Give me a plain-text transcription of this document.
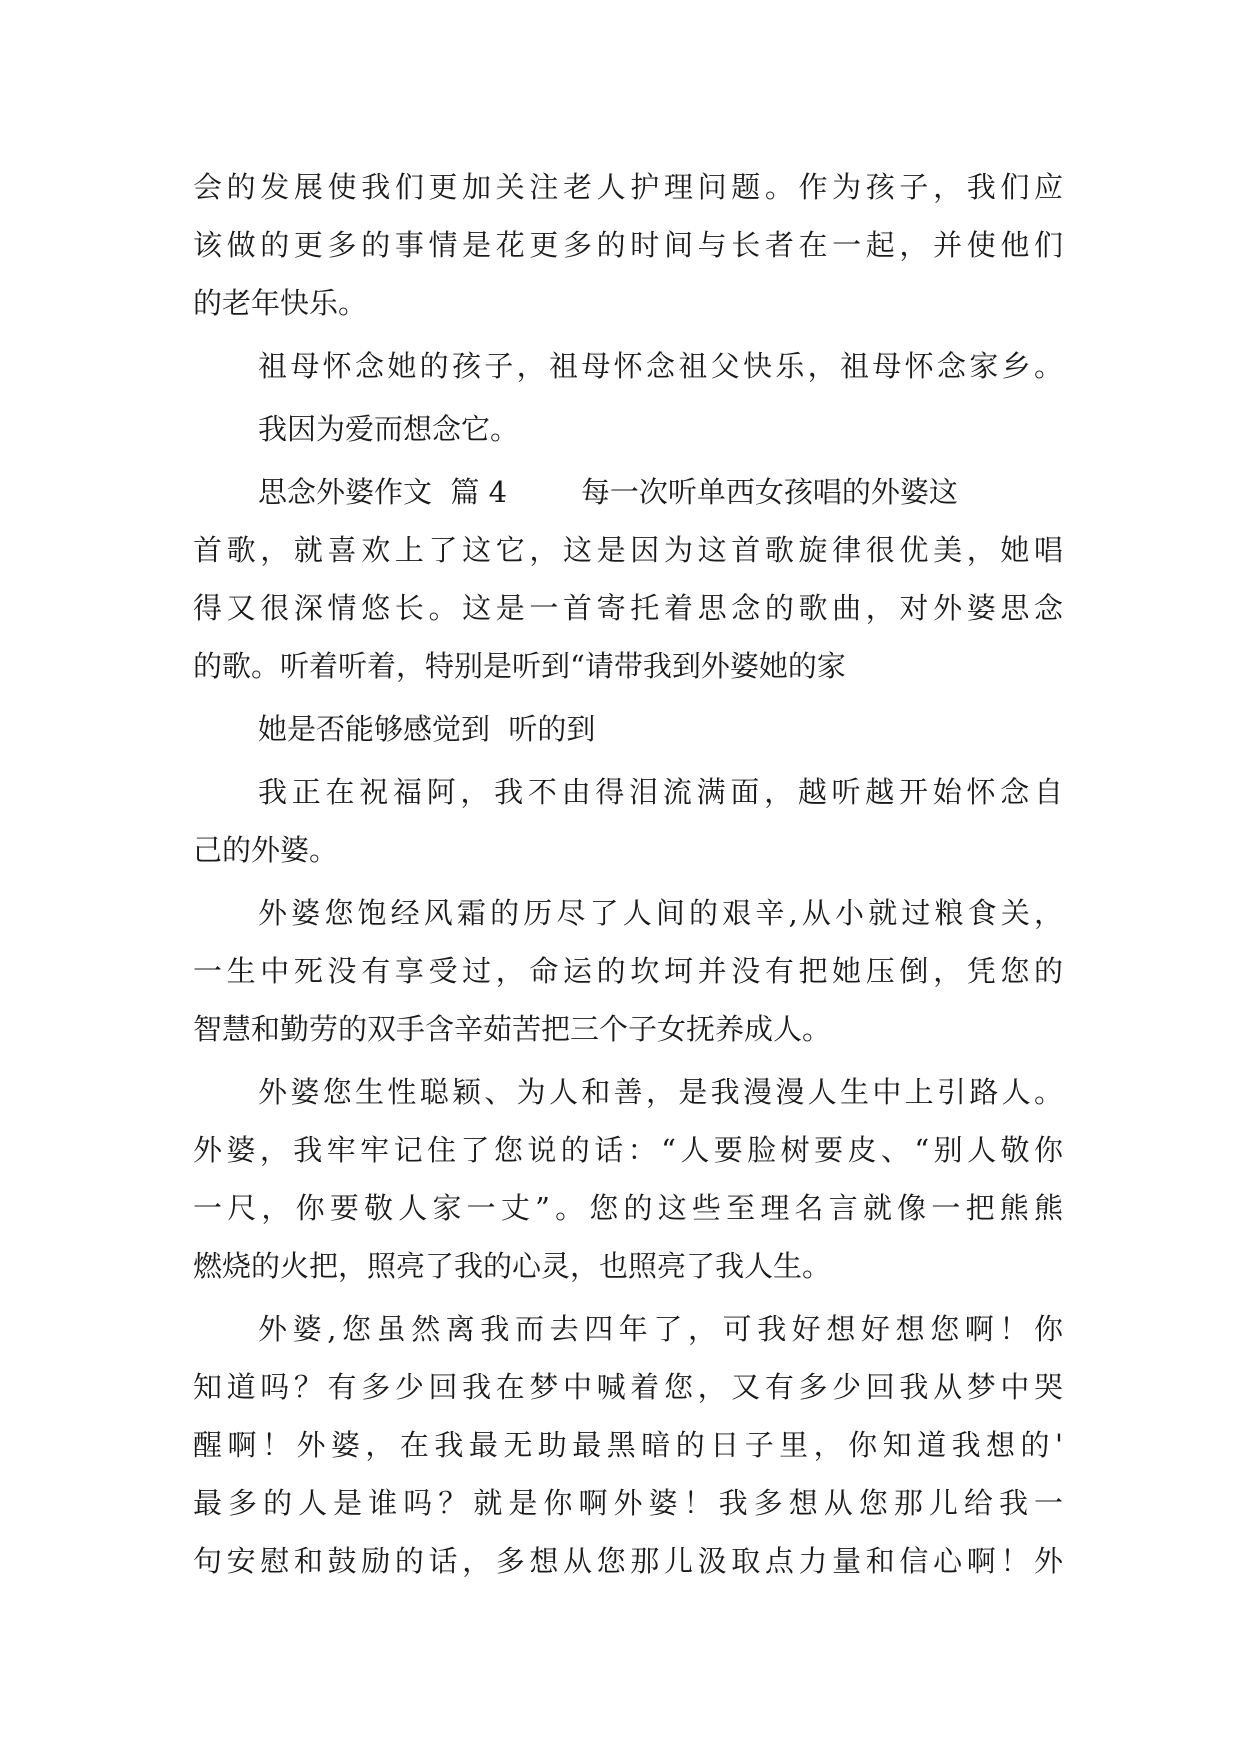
会的发展使我们更加关注老人护理问题。作为孩子，我们应
该做的更多的事情是花更多的时间与长者在一起，并使他们
的老年快乐。
祖母怀念她的孩子，祖母怀念祖父快乐，祖母怀念家乡。
我因为爱而想念它。
思念外婆作文  篇 4        每一次听单西女孩唱的外婆这
首歌，就喜欢上了这它，这是因为这首歌旋律很优美，她唱
得又很深情悠长。这是一首寄托着思念的歌曲，对外婆思念
的歌。听着听着，特别是听到“请带我到外婆她的家
她是否能够感觉到  听的到
我正在祝福阿，我不由得泪流满面，越听越开始怀念自
己的外婆。
外婆您饱经风霜的历尽了人间的艰辛,从小就过粮食关，
一生中死没有享受过，命运的坎坷并没有把她压倒，凭您的
智慧和勤劳的双手含辛茹苦把三个子女抚养成人。
外婆您生性聪颖、为人和善，是我漫漫人生中上引路人。
外婆，我牢牢记住了您说的话：“人要脸树要皮、“别人敬你
一尺，你要敬人家一丈”。您的这些至理名言就像一把熊熊
燃烧的火把，照亮了我的心灵，也照亮了我人生。
外婆,您虽然离我而去四年了，可我好想好想您啊！你
知道吗？有多少回我在梦中喊着您，又有多少回我从梦中哭
醒啊！外婆，在我最无助最黑暗的日子里，你知道我想的'
最多的人是谁吗？就是你啊外婆！我多想从您那儿给我一
句安慰和鼓励的话，多想从您那儿汲取点力量和信心啊！外
